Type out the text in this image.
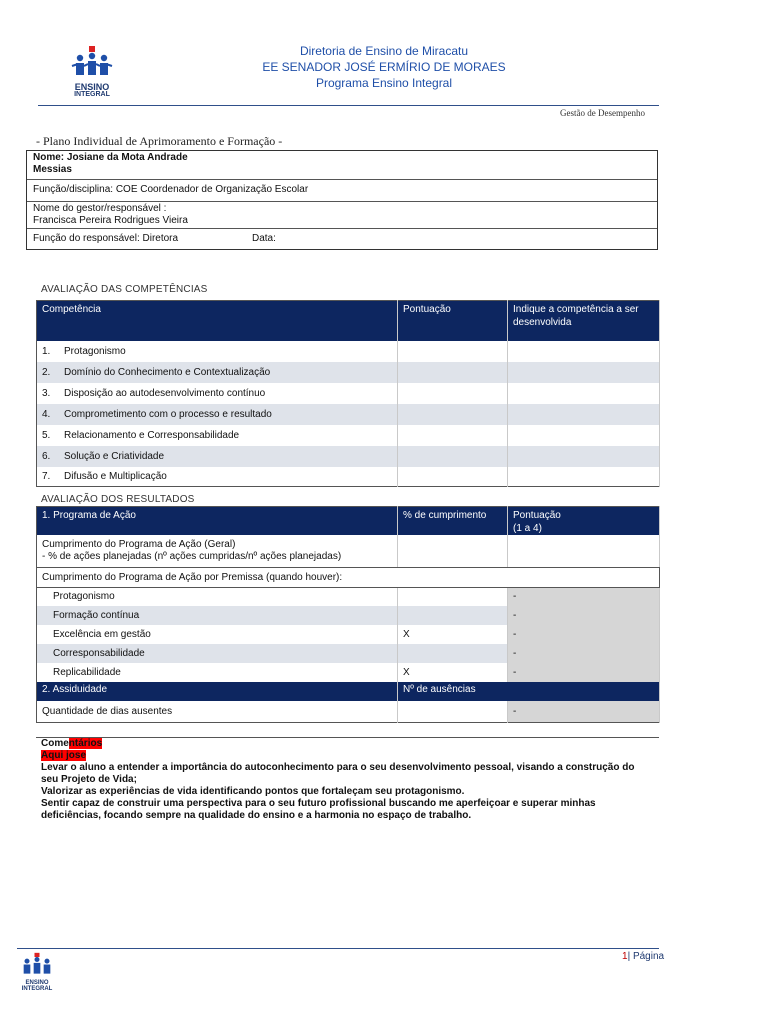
ENSINO
INTEGRAL
Diretoria de Ensino de Miracatu
EE SENADOR JOSÉ ERMÍRIO DE MORAES
Programa Ensino Integral
Gestão de Desempenho
- Plano Individual de Aprimoramento e Formação -
Nome: Josiane da Mota Andrade
Messias
Função/disciplina: COE Coordenador de Organização Escolar
Nome do gestor/responsável :
Francisca Pereira Rodrigues Vieira
Função do responsável: Diretora	Data:
AVALIAÇÃO DAS COMPETÊNCIAS
Competência	Pontuação	Indique a competência a ser desenvolvida
1. Protagonismo		
2. Domínio do Conhecimento e Contextualização		
3. Disposição ao autodesenvolvimento contínuo		
4. Comprometimento com o processo e resultado		
5. Relacionamento e Corresponsabilidade		
6. Solução e Criatividade		
7. Difusão e Multiplicação		
AVALIAÇÃO DOS RESULTADOS
1. Programa de Ação	% de cumprimento	Pontuação
(1 a 4)

Cumprimento do Programa de Ação (Geral)
- % de ações planejadas (nº ações cumpridas/nº ações planejadas)		

Cumprimento do Programa de Ação por Premissa (quando houver):		
Protagonismo		-
Formação contínua		-
Excelência em gestão	X	-
Corresponsabilidade		-
Replicabilidade	X	-
2. Assiduidade	Nº de ausências	
Quantidade de dias ausentes		-
Comentários
Aqui jose
Levar o aluno a entender a importância do autoconhecimento para o seu desenvolvimento pessoal, visando a construção do
seu Projeto de Vida;
Valorizar as experiências de vida identificando pontos que fortaleçam seu protagonismo.
Sentir capaz de construir uma perspectiva para o seu futuro profissional buscando me aperfeiçoar e superar minhas
deficiências, focando sempre na qualidade do ensino e a harmonia no espaço de trabalho.
1| Página
ENSINO
INTEGRAL
